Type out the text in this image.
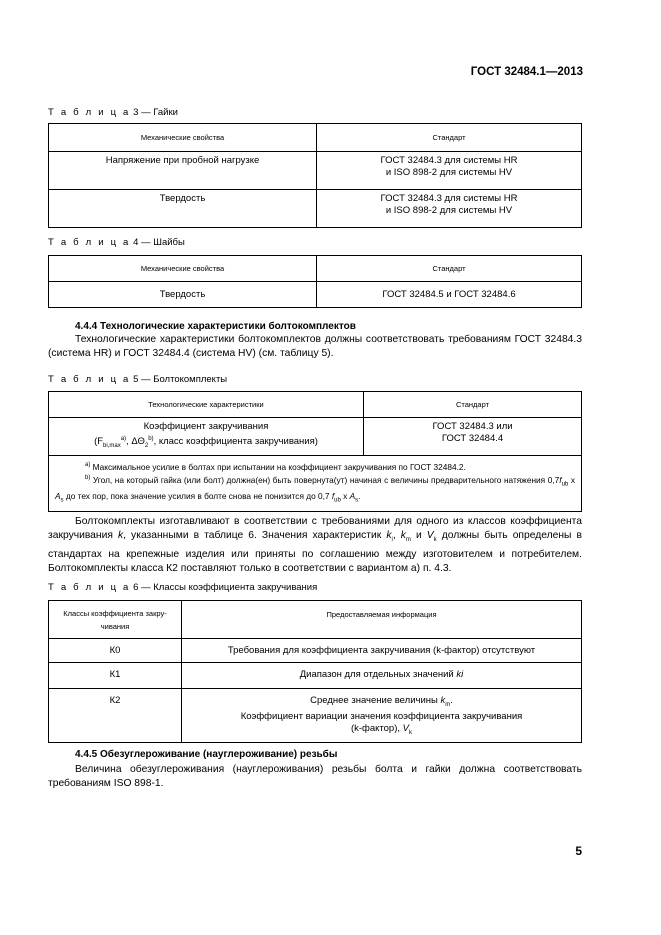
ГОСТ 32484.1—2013
Т а б л и ц а 3 — Гайки
Механические свойства	Стандарт
Напряжение при пробной нагрузке	ГОСТ 32484.3 для системы HR
и ISO 898-2 для системы HV
Твердость	ГОСТ 32484.3 для системы HR
и ISO 898-2 для системы HV
Т а б л и ц а 4 — Шайбы
Механические свойства	Стандарт
Твердость	ГОСТ 32484.5 и ГОСТ 32484.6
4.4.4 Технологические характеристики болтокомплектов
Технологические характеристики болтокомплектов должны соответствовать требованиям ГОСТ 32484.3 (система HR) и ГОСТ 32484.4 (система HV) (см. таблицу 5).
Т а б л и ц а 5 — Болтокомплекты
Технологические характеристики	Стандарт
Коэффициент закручивания
($F_{bi,max}^{a)}$, $\Delta\Theta_2^{b)}$, класс коэффициента закручивания)	ГОСТ 32484.3 или
ГОСТ 32484.4

$^{a)}$ Максимальное усилие в болтах при испытании на коэффициент закручивания по ГОСТ 32484.2.

$^{b)}$ Угол, на который гайка (или болт) должна(ен) быть повернута(ут) начиная с величины предварительного натяжения $0,7f_{ub}$ х $A_s$ до тех пор, пока значение усилия в болте снова не понизится до 0,7 $f_{ub}$ х $A_s$.	

Болтокомплекты изготавливают в соответствии с требованиями для одного из классов коэффициента закручивания k, указанными в таблице 6. Значения характеристик $k_i$, $k_m$ и $V_k$ должны быть определены в стандартах на крепежные изделия или приняты по соглашению между изготовителем и потребителем. Болтокомплекты класса К2 поставляют только в соответствии с вариантом а) п. 4.3.
Т а б л и ц а 6 — Классы коэффициента закручивания
Классы коэффициента закру-
чивания	Предоставляемая информация
К0	Требования для коэффициента закручивания (k-фактор) отсутствуют
К1	Диапазон для отдельных значений ki
К2	Среднее значение величины $k_m$.
Коэффициент вариации значения коэффициента закручивания
(k-фактор), $V_k$
4.4.5 Обезуглероживание (науглероживание) резьбы
Величина обезуглероживания (науглероживания) резьбы болта и гайки должна соответствовать требованиям ISO 898-1.
5
